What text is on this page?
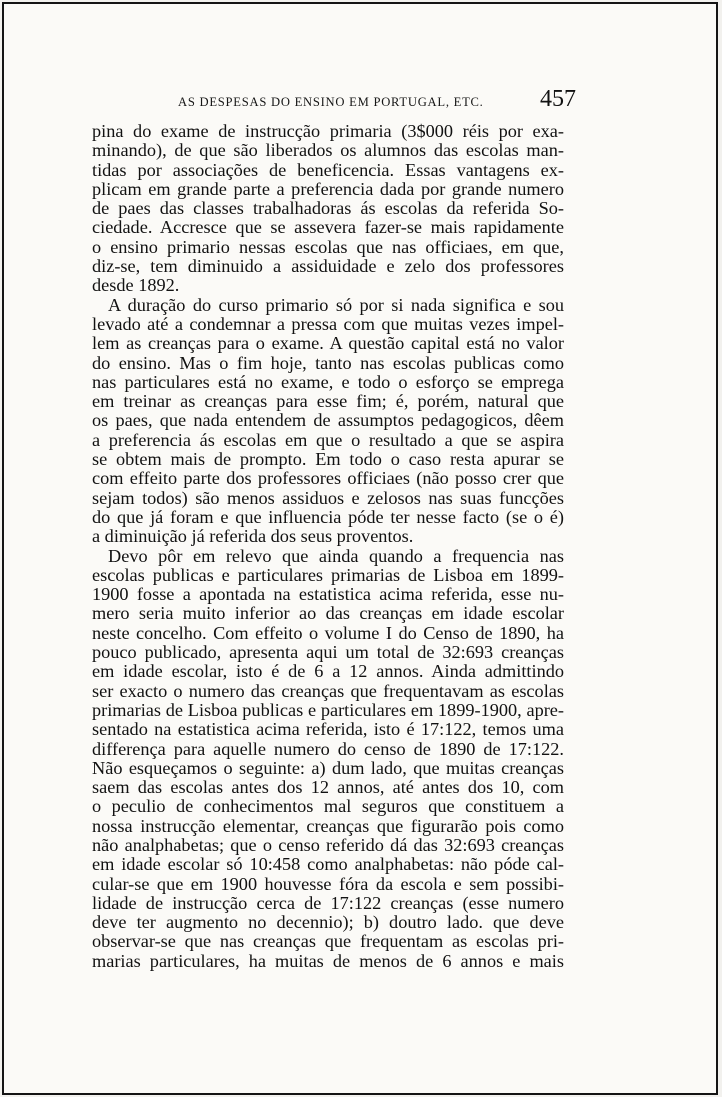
AS DESPESAS DO ENSINO EM PORTUGAL, ETC. 457
pina do exame de instrucção primaria (3$000 réis por exa-
minando), de que são liberados os alumnos das escolas man-
tidas por associações de beneficencia. Essas vantagens ex-
plicam em grande parte a preferencia dada por grande numero
de paes das classes trabalhadoras ás escolas da referida So-
ciedade. Accresce que se assevera fazer-se mais rapidamente
o ensino primario nessas escolas que nas officiaes, em que,
diz-se, tem diminuido a assiduidade e zelo dos professores
desde 1892.
A duração do curso primario só por si nada significa e sou
levado até a condemnar a pressa com que muitas vezes impel-
lem as creanças para o exame. A questão capital está no valor
do ensino. Mas o fim hoje, tanto nas escolas publicas como
nas particulares está no exame, e todo o esforço se emprega
em treinar as creanças para esse fim; é, porém, natural que
os paes, que nada entendem de assumptos pedagogicos, dêem
a preferencia ás escolas em que o resultado a que se aspira
se obtem mais de prompto. Em todo o caso resta apurar se
com effeito parte dos professores officiaes (não posso crer que
sejam todos) são menos assiduos e zelosos nas suas funcções
do que já foram e que influencia póde ter nesse facto (se o é)
a diminuição já referida dos seus proventos.
Devo pôr em relevo que ainda quando a frequencia nas
escolas publicas e particulares primarias de Lisboa em 1899-
1900 fosse a apontada na estatistica acima referida, esse nu-
mero seria muito inferior ao das creanças em idade escolar
neste concelho. Com effeito o volume I do Censo de 1890, ha
pouco publicado, apresenta aqui um total de 32:693 creanças
em idade escolar, isto é de 6 a 12 annos. Ainda admittindo
ser exacto o numero das creanças que frequentavam as escolas
primarias de Lisboa publicas e particulares em 1899-1900, apre-
sentado na estatistica acima referida, isto é 17:122, temos uma
differença para aquelle numero do censo de 1890 de 17:122.
Não esqueçamos o seguinte: a) dum lado, que muitas creanças
saem das escolas antes dos 12 annos, até antes dos 10, com
o peculio de conhecimentos mal seguros que constituem a
nossa instrucção elementar, creanças que figurarão pois como
não analphabetas; que o censo referido dá das 32:693 creanças
em idade escolar só 10:458 como analphabetas: não póde cal-
cular-se que em 1900 houvesse fóra da escola e sem possibi-
lidade de instrucção cerca de 17:122 creanças (esse numero
deve ter augmento no decennio); b) doutro lado. que deve
observar-se que nas creanças que frequentam as escolas pri-
marias particulares, ha muitas de menos de 6 annos e mais
